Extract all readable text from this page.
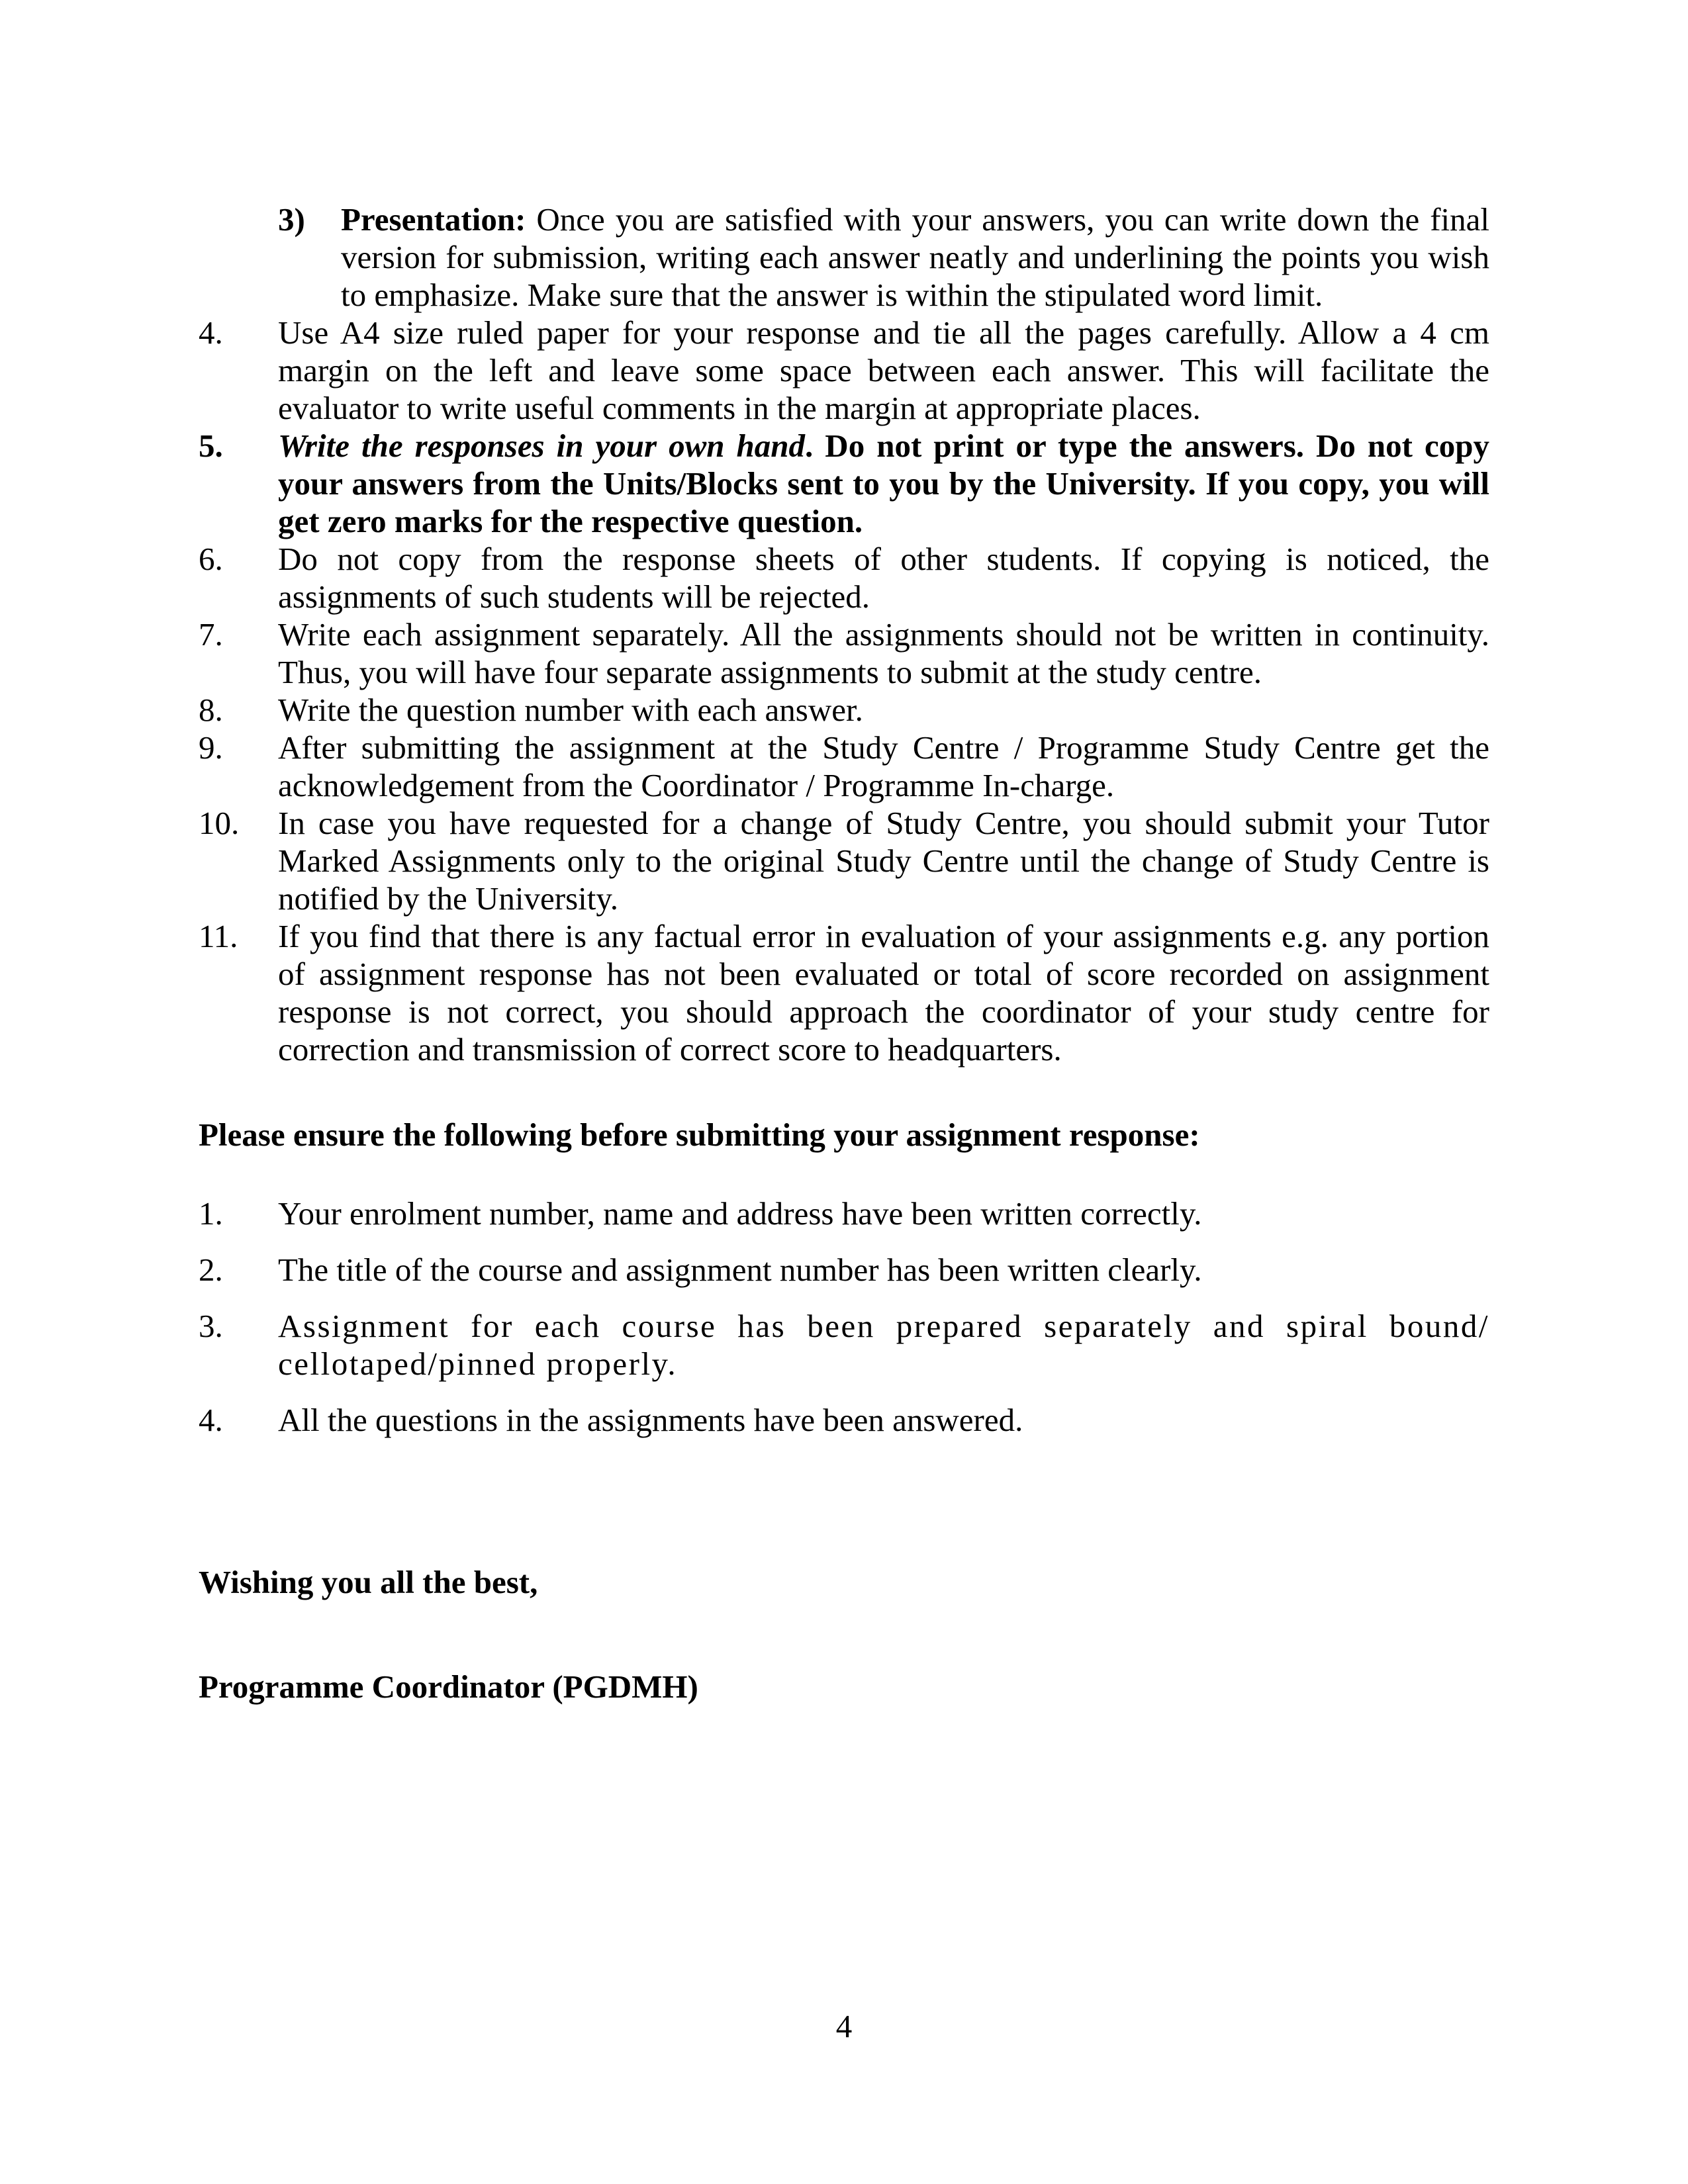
3)	Presentation: Once you are satisfied with your answers, you can write down the final version for submission, writing each answer neatly and underlining the points you wish to emphasize. Make sure that the answer is within the stipulated word limit.

4.	Use A4 size ruled paper for your response and tie all the pages carefully. Allow a 4 cm margin on the left and leave some space between each answer. This will facilitate the evaluator to write useful comments in the margin at appropriate places.

5.	Write the responses in your own hand. Do not print or type the answers. Do not copy your answers from the Units/Blocks sent to you by the University. If you copy, you will get zero marks for the respective question.

6.	Do not copy from the response sheets of other students. If copying is noticed, the assignments of such students will be rejected.

7.	Write each assignment separately. All the assignments should not be written in continuity. Thus, you will have four separate assignments to submit at the study centre.

8.	Write the question number with each answer.

9.	After submitting the assignment at the Study Centre / Programme Study Centre get the acknowledgement from the Coordinator / Programme In-charge.

10.	In case you have requested for a change of Study Centre, you should submit your Tutor Marked Assignments only to the original Study Centre until the change of Study Centre is notified by the University.

11.	If you find that there is any factual error in evaluation of your assignments e.g. any portion of assignment response has not been evaluated or total of score recorded on assignment response is not correct, you should approach the coordinator of your study centre for correction and transmission of correct score to headquarters.

Please ensure the following before submitting your assignment response:
1.	Your enrolment number, name and address have been written correctly.

2.	The title of the course and assignment number has been written clearly.

3.	Assignment for each course has been prepared separately and spiral bound/ cellotaped/pinned properly.

4.	All the questions in the assignments have been answered.

Wishing you all the best,

Programme Coordinator (PGDMH)

4
